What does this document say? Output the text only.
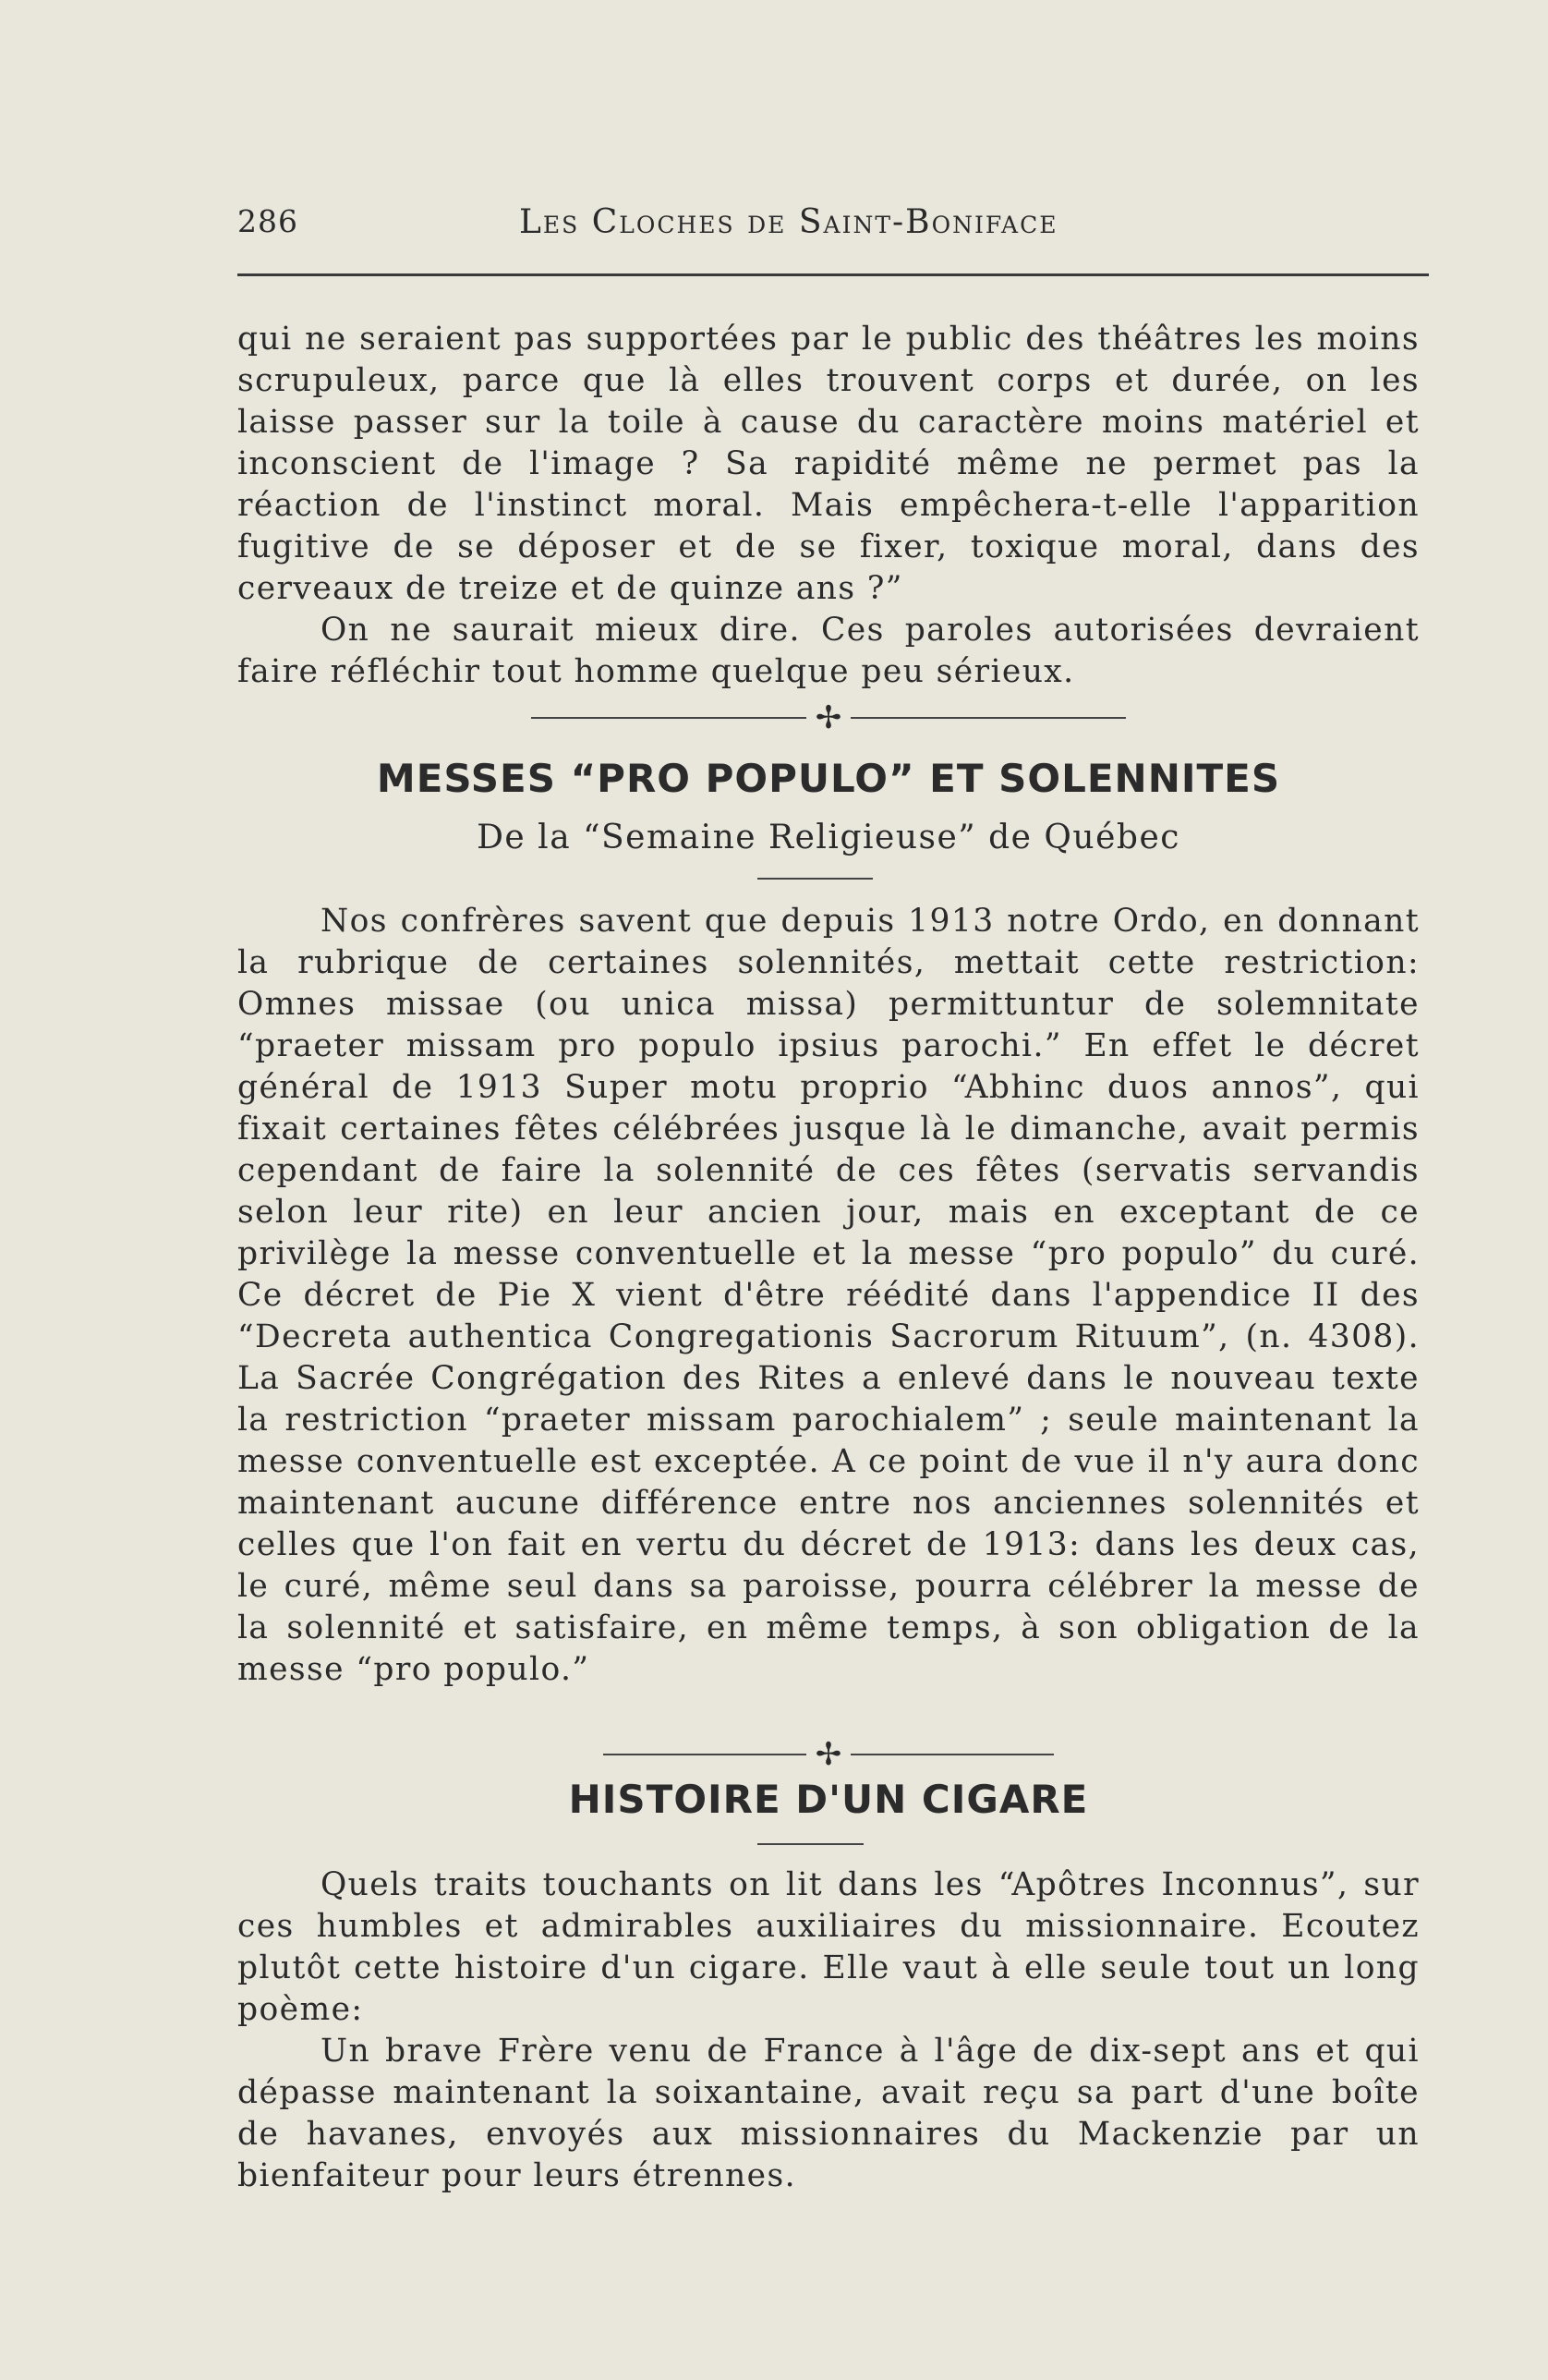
286	Les Cloches de Saint-Boniface

qui ne seraient pas supportées par le public des théâtres les moins scrupuleux, parce que là elles trouvent corps et durée, on les laisse passer sur la toile à cause du caractère moins matériel et inconscient de l'image ? Sa rapidité même ne permet pas la réaction de l'instinct moral. Mais empêchera-t-elle l'apparition fugitive de se déposer et de se fixer, toxique moral, dans des cerveaux de treize et de quinze ans ?”

On ne saurait mieux dire. Ces paroles autorisées devraient faire réfléchir tout homme quelque peu sérieux.

✢
MESSES “PRO POPULO” ET SOLENNITES
De la “Semaine Religieuse” de Québec

Nos confrères savent que depuis 1913 notre Ordo, en donnant la rubrique de certaines solennités, mettait cette restriction: Omnes missae (ou unica missa) permittuntur de solemnitate “praeter missam pro populo ipsius parochi.” En effet le décret général de 1913 Super motu proprio “Abhinc duos annos”, qui fixait certaines fêtes célébrées jusque là le dimanche, avait permis cependant de faire la solennité de ces fêtes (servatis servandis selon leur rite) en leur ancien jour, mais en exceptant de ce privilège la messe conventuelle et la messe “pro populo” du curé. Ce décret de Pie X vient d'être réédité dans l'appendice II des “Decreta authentica Congregationis Sacrorum Rituum”, (n. 4308). La Sacrée Congrégation des Rites a enlevé dans le nouveau texte la restriction “praeter missam parochialem” ; seule maintenant la messe conventuelle est exceptée. A ce point de vue il n'y aura donc maintenant aucune différence entre nos anciennes solennités et celles que l'on fait en vertu du décret de 1913: dans les deux cas, le curé, même seul dans sa paroisse, pourra célébrer la messe de la solennité et satisfaire, en même temps, à son obligation de la messe “pro populo.”

✢
HISTOIRE D'UN CIGARE

Quels traits touchants on lit dans les “Apôtres Inconnus”, sur ces humbles et admirables auxiliaires du missionnaire. Ecoutez plutôt cette histoire d'un cigare. Elle vaut à elle seule tout un long poème:

Un brave Frère venu de France à l'âge de dix-sept ans et qui dépasse maintenant la soixantaine, avait reçu sa part d'une boîte de havanes, envoyés aux missionnaires du Mackenzie par un bienfaiteur pour leurs étrennes.
